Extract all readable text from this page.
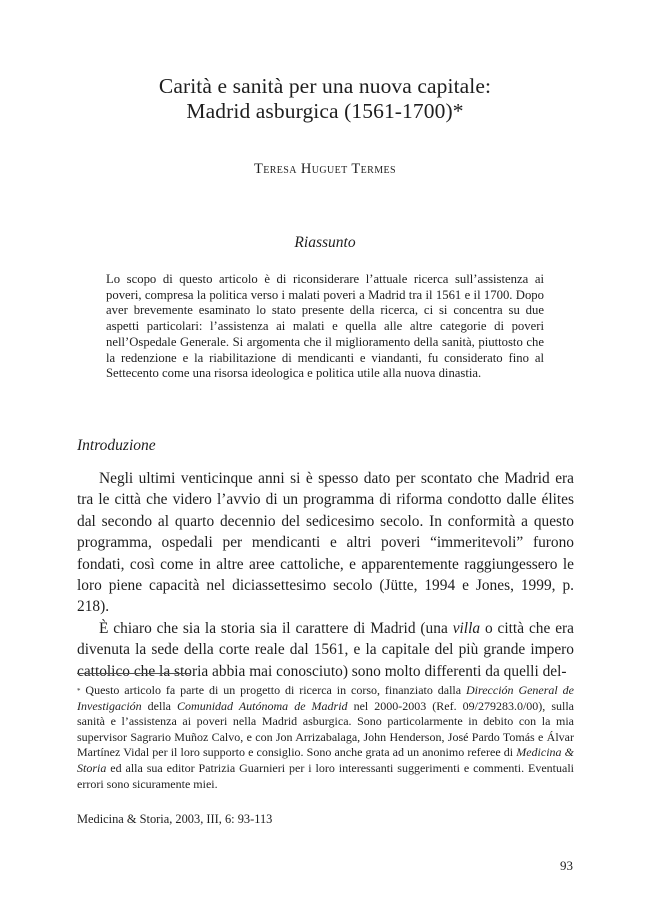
Carità e sanità per una nuova capitale:
Madrid asburgica (1561-1700)*
Teresa Huguet Termes
Riassunto

Lo scopo di questo articolo è di riconsiderare l’attuale ricerca sull’assistenza ai poveri, compresa la politica verso i malati poveri a Madrid tra il 1561 e il 1700. Dopo aver brevemente esaminato lo stato presente della ricerca, ci si concentra su due aspetti particolari: l’assistenza ai malati e quella alle altre categorie di poveri nell’Ospedale Generale. Si argomenta che il miglioramento della sanità, piuttosto che la redenzione e la riabilitazione di mendicanti e viandanti, fu considerato fino al Settecento come una risorsa ideologica e politica utile alla nuova dinastia.

Introduzione

Negli ultimi venticinque anni si è spesso dato per scontato che Madrid era tra le città che videro l’avvio di un programma di riforma condotto dalle élites dal secondo al quarto decennio del sedicesimo secolo. In conformità a questo programma, ospedali per mendicanti e altri poveri “immeritevoli” furono fondati, così come in altre aree cattoliche, e apparentemente raggiungessero le loro piene capacità nel diciassettesimo secolo (Jütte, 1994 e Jones, 1999, p. 218).

È chiaro che sia la storia sia il carattere di Madrid (una villa o città che era divenuta la sede della corte reale dal 1561, e la capitale del più grande impero cattolico che la storia abbia mai conosciuto) sono molto differenti da quelli del-

* Questo articolo fa parte di un progetto di ricerca in corso, finanziato dalla Dirección General de Investigación della Comunidad Autónoma de Madrid nel 2000-2003 (Ref. 09/279283.0/00), sulla sanità e l’assistenza ai poveri nella Madrid asburgica. Sono particolarmente in debito con la mia supervisor Sagrario Muñoz Calvo, e con Jon Arrizabalaga, John Henderson, José Pardo Tomás e Álvar Martínez Vidal per il loro supporto e consiglio. Sono anche grata ad un anonimo referee di Medicina & Storia ed alla sua editor Patrizia Guarnieri per i loro interessanti suggerimenti e commenti. Eventuali errori sono sicuramente miei.

Medicina & Storia, 2003, III, 6: 93-113
93
